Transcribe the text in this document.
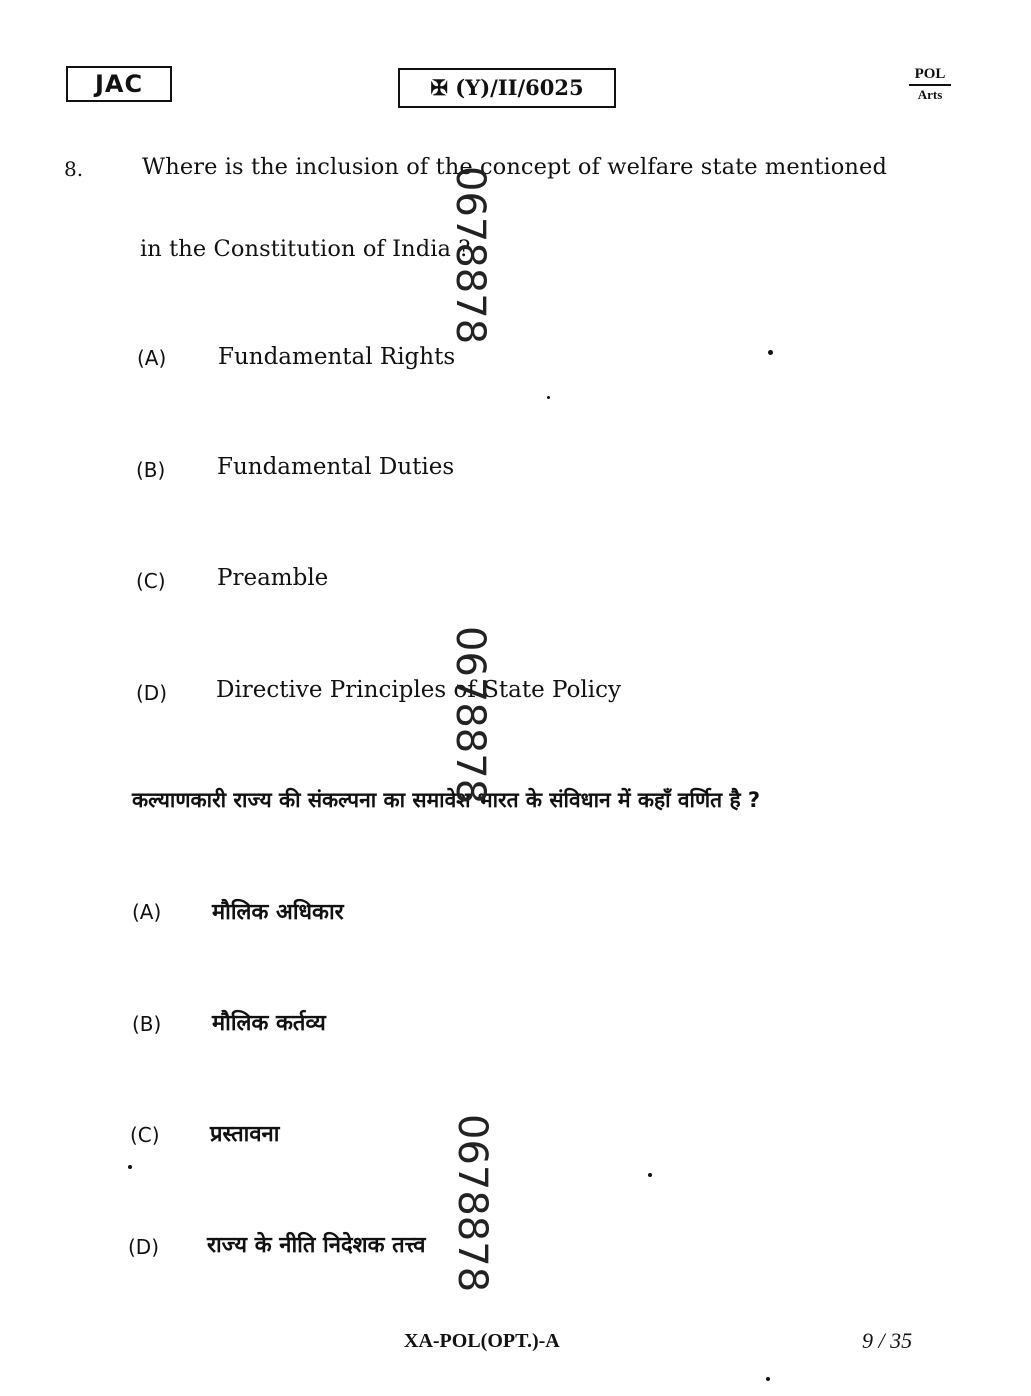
JAC	✠ (Y)/II/6025
POL
Arts
8.	Where is the inclusion of the concept of welfare state mentioned
in the Constitution of India ?
(A) Fundamental Rights
(B) Fundamental Duties
(C) Preamble
(D) Directive Principles of State Policy
कल्याणकारी राज्य की संकल्पना का समावेश भारत के संविधान में कहाँ वर्णित है ?
(A) मौलिक अधिकार
(B) मौलिक कर्तव्य
(C) प्रस्तावना
(D) राज्य के नीति निदेशक तत्त्व
0678878
0678878
0678878
XA-POL(OPT.)-A	9 / 35
